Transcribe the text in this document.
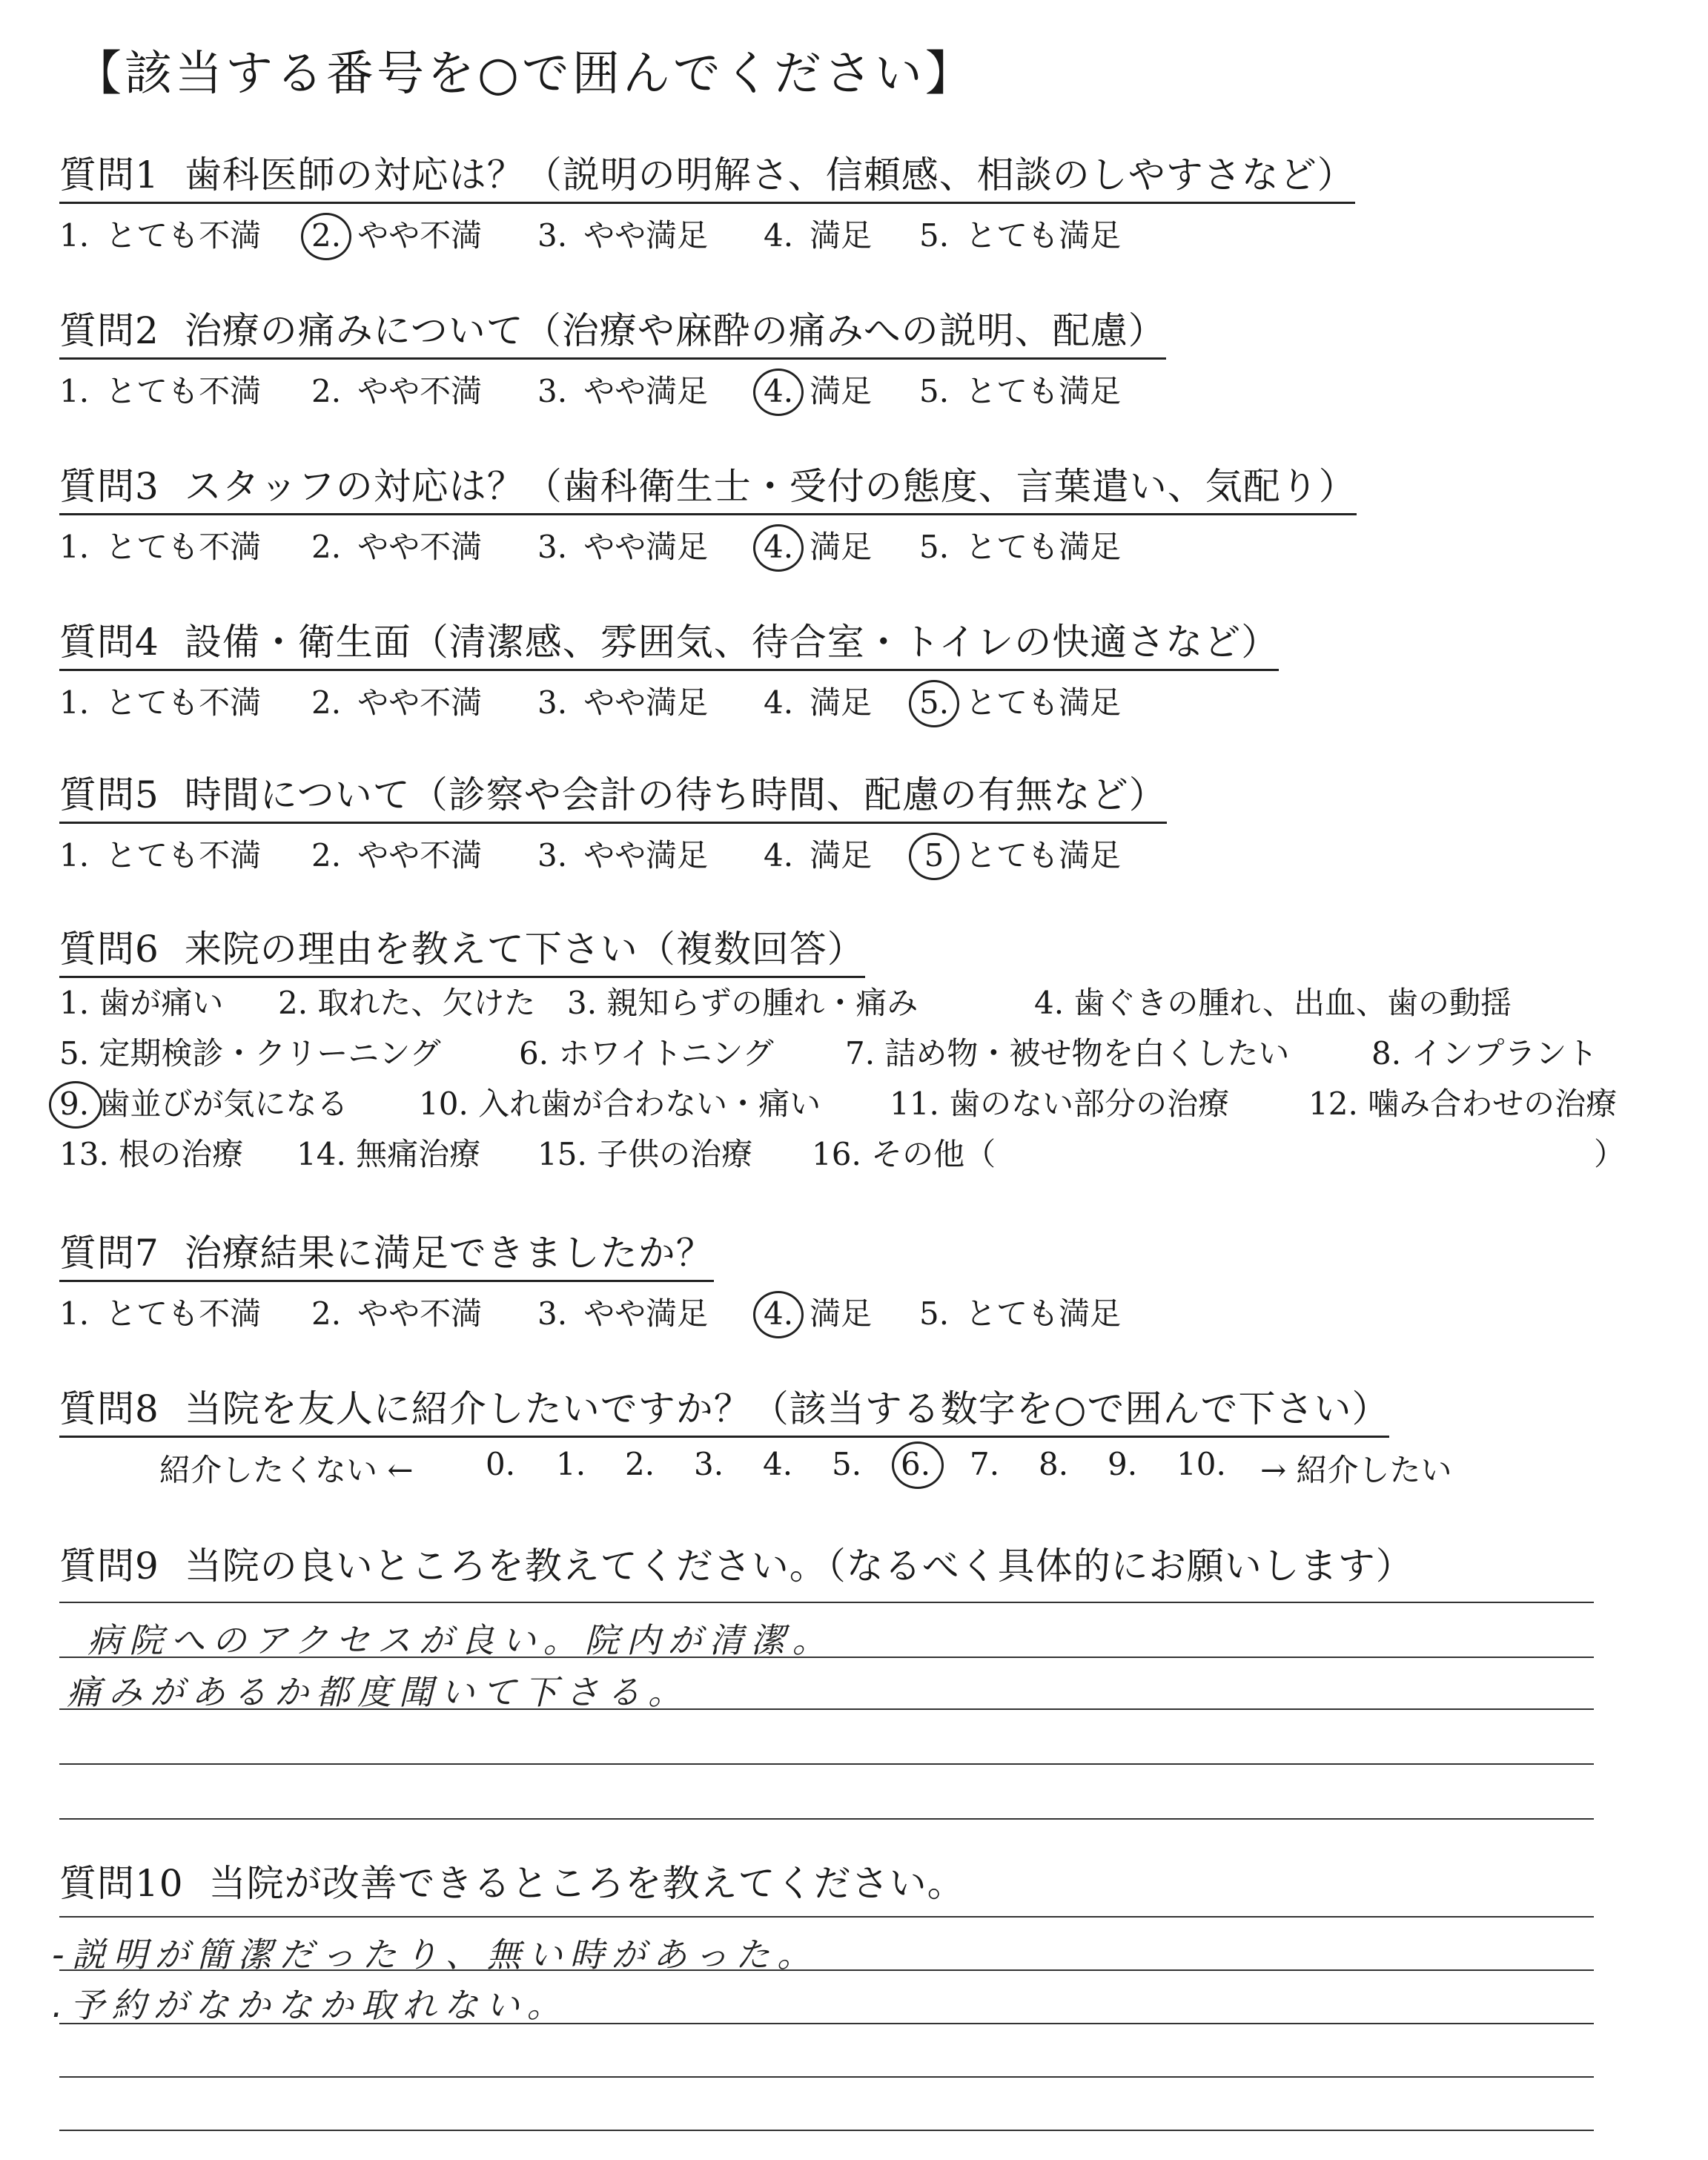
【該当する番号を○で囲んでください】
質問1 歯科医師の対応は？（説明の明解さ、信頼感、相談のしやすさなど）
1. とても不満 2. やや不満 3. やや満足 4. 満足 5. とても満足
質問2 治療の痛みについて（治療や麻酔の痛みへの説明、配慮）
1. とても不満 2. やや不満 3. やや満足 4. 満足 5. とても満足
質問3 スタッフの対応は？（歯科衛生士・受付の態度、言葉遣い、気配り）
1. とても不満 2. やや不満 3. やや満足 4. 満足 5. とても満足
質問4 設備・衛生面（清潔感、雰囲気、待合室・トイレの快適さなど）
1. とても不満 2. やや不満 3. やや満足 4. 満足 5. とても満足
質問5 時間について（診察や会計の待ち時間、配慮の有無など）
1. とても不満 2. やや不満 3. やや満足 4. 満足 5 とても満足
質問6 来院の理由を教えて下さい（複数回答）
1. 歯が痛い 2. 取れた、欠けた 3. 親知らずの腫れ・痛み	4. 歯ぐきの腫れ、出血、歯の動揺
5. 定期検診・クリーニング	6. ホワイトニング 7. 詰め物・被せ物を白くしたい	8. インプラント
9. 歯並びが気になる 10. 入れ歯が合わない・痛い 11. 歯のない部分の治療	12. 噛み合わせの治療
13. 根の治療 14. 無痛治療 15. 子供の治療 16. その他（	）
質問7 治療結果に満足できましたか？
1. とても不満 2. やや不満 3. やや満足 4. 満足 5. とても満足
質問8 当院を友人に紹介したいですか？（該当する数字を○で囲んで下さい）
紹介したくない ← 0. 1. 2. 3. 4. 5. 6. 7. 8. 9. 10. → 紹介したい
質問9 当院の良いところを教えてください。（なるべく具体的にお願いします）
病院へのアクセスが良い。院内が清潔。
痛みがあるか都度聞いて下さる。
質問10 当院が改善できるところを教えてください。
-説明が簡潔だったり、無い時があった。
.予約がなかなか取れない。
